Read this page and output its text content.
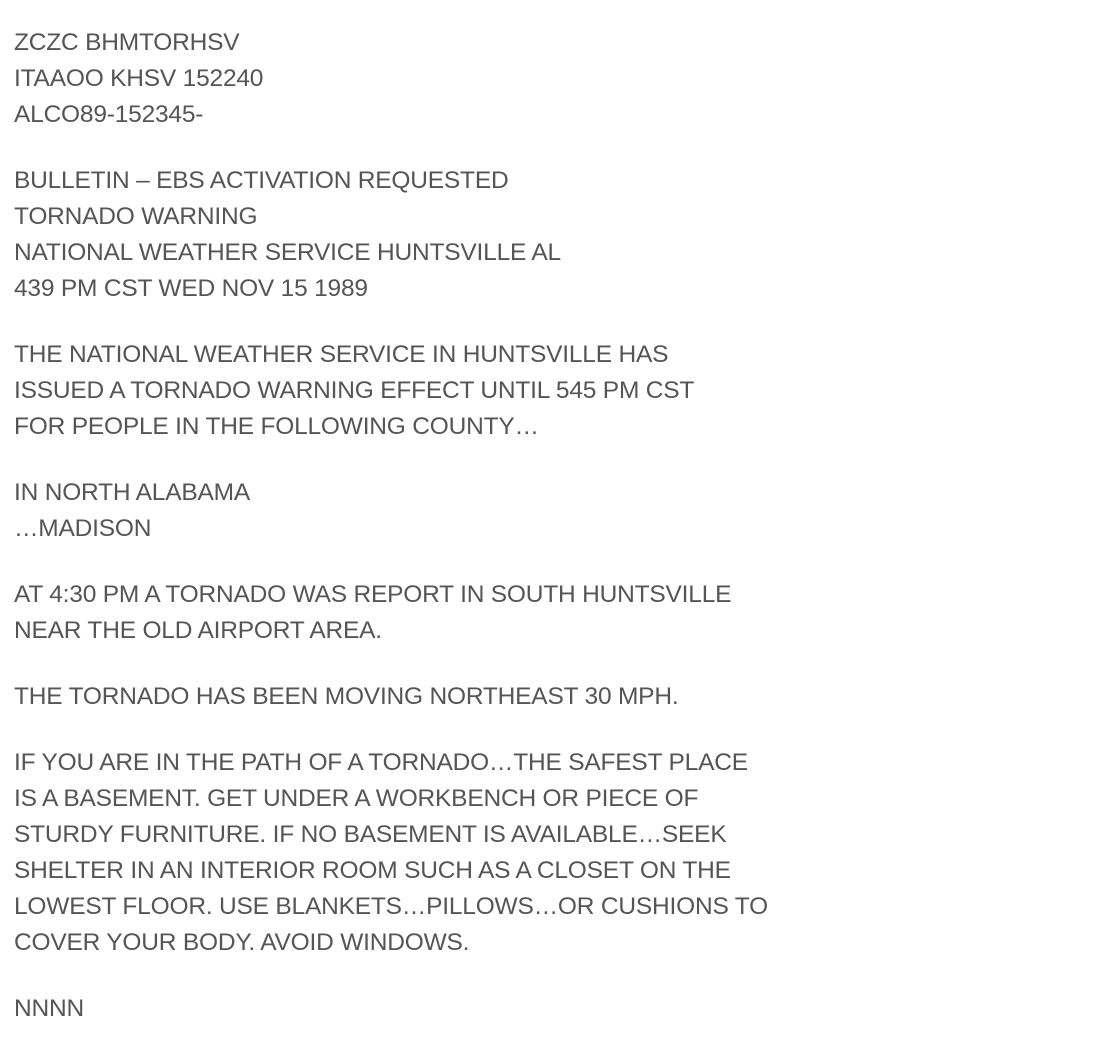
ZCZC BHMTORHSV
ITAAOO KHSV 152240
ALCO89-152345-
BULLETIN – EBS ACTIVATION REQUESTED
TORNADO WARNING
NATIONAL WEATHER SERVICE HUNTSVILLE AL
439 PM CST WED NOV 15 1989
THE NATIONAL WEATHER SERVICE IN HUNTSVILLE HAS
ISSUED A TORNADO WARNING EFFECT UNTIL 545 PM CST
FOR PEOPLE IN THE FOLLOWING COUNTY…
IN NORTH ALABAMA
…MADISON
AT 4:30 PM A TORNADO WAS REPORT IN SOUTH HUNTSVILLE
NEAR THE OLD AIRPORT AREA.
THE TORNADO HAS BEEN MOVING NORTHEAST 30 MPH.
IF YOU ARE IN THE PATH OF A TORNADO…THE SAFEST PLACE
IS A BASEMENT. GET UNDER A WORKBENCH OR PIECE OF
STURDY FURNITURE. IF NO BASEMENT IS AVAILABLE…SEEK
SHELTER IN AN INTERIOR ROOM SUCH AS A CLOSET ON THE
LOWEST FLOOR. USE BLANKETS…PILLOWS…OR CUSHIONS TO
COVER YOUR BODY. AVOID WINDOWS.
NNNN
